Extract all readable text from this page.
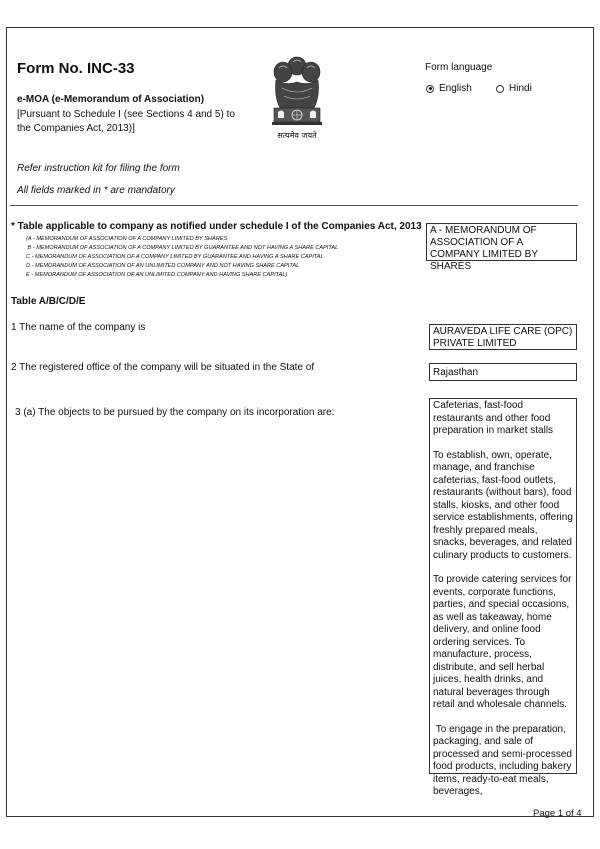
Form No. INC-33
e-MOA (e-Memorandum of Association)
[Pursuant to Schedule I (see Sections 4 and 5) to the Companies Act, 2013)]
सत्यमेव जयते
Form language
English	Hindi
Refer instruction kit for filing the form
All fields marked in * are mandatory
* Table applicable to company as notified under schedule I of the Companies Act, 2013
(A - MEMORANDUM OF ASSOCIATION OF A COMPANY LIMITED BY SHARES
B - MEMORANDUM OF ASSOCIATION OF A COMPANY LIMITED BY GUARANTEE AND NOT HAVING A SHARE CAPITAL
C - MEMORANDUM OF ASSOCIATION OF A COMPANY LIMITED BY GUARANTEE AND HAVING A SHARE CAPITAL
D - MEMORANDUM OF ASSOCIATION OF AN UNLIMITED COMPANY AND NOT HAVING SHARE CAPITAL
E - MEMORANDUM OF ASSOCIATION OF AN UNLIMITED COMPANY AND HAVING SHARE CAPITAL)
A - MEMORANDUM OF ASSOCIATION OF A COMPANY LIMITED BY SHARES
Table A/B/C/D/E
1 The name of the company is	AURAVEDA LIFE CARE (OPC) PRIVATE LIMITED
2 The registered office of the company will be situated in the State of	Rajasthan
3 (a) The objects to be pursued by the company on its incorporation are:

Cafeterias, fast-food restaurants and other food preparation in market stalls

To establish, own, operate, manage, and franchise cafeterias, fast-food outlets, restaurants (without bars), food stalls, kiosks, and other food service establishments, offering freshly prepared meals, snacks, beverages, and related culinary products to customers.

To provide catering services for events, corporate functions, parties, and special occasions, as well as takeaway, home delivery, and online food ordering services. To manufacture, process, distribute, and sell herbal juices, health drinks, and natural beverages through retail and wholesale channels.

To engage in the preparation, packaging, and sale of processed and semi-processed food products, including bakery items, ready-to-eat meals, beverages,

Page 1 of 4
